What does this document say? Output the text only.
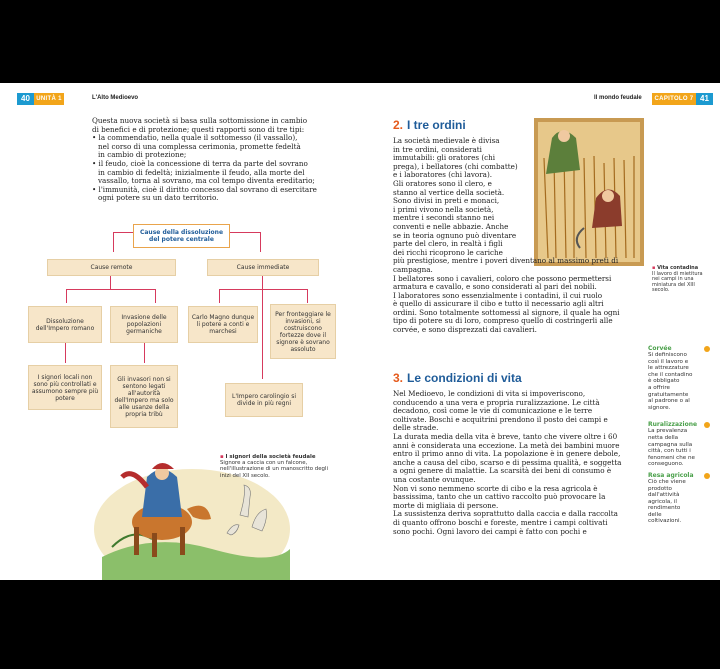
40	UNITÀ 1	L'Alto Medioevo	Il mondo feudale	CAPITOLO 7 41

Questa nuova società si basa sulla sottomissione in cambio

di benefici e di protezione; questi rapporti sono di tre tipi:

• la commendatio, nella quale il sottomesso (il vassallo),

nel corso di una complessa cerimonia, promette fedeltà

in cambio di protezione;

• il feudo, cioè la concessione di terra da parte del sovrano

in cambio di fedeltà; inizialmente il feudo, alla morte del

vassallo, torna al sovrano, ma col tempo diventa ereditario;

• l'immunità, cioè il diritto concesso dal sovrano di esercitare

ogni potere su un dato territorio.

Cause della dissoluzione del potere centrale
Cause remote	Cause immediate
Dissoluzione dell'Impero romano
Invasione delle popolazioni germaniche
Carlo Magno dunque li potere a conti e marchesi
Per fronteggiare le invasioni, si costruiscono fortezze dove il signore è sovrano assoluto
I signori locali non sono più controllati e assumono sempre più potere
Gli invasori non si sentono legati all'autorità dell'Impero ma solo alle usanze della propria tribù
L'Impero carolingio si divide in più regni
▪ I signori della società feudale
Signore a caccia con un falcone, nell'illustrazione di un manoscritto degli inizi del XII secolo.
2. I tre ordini
▪ Vita contadina
Il lavoro di mietitura nei campi in una miniatura del XIII secolo.

La società medievale è divisa

in tre ordini, considerati

immutabili: gli oratores (chi

prega), i bellatores (chi combatte)

e i laboratores (chi lavora).

Gli oratores sono il clero, e

stanno al vertice della società.

Sono divisi in preti e monaci,

i primi vivono nella società,

mentre i secondi stanno nei

conventi e nelle abbazie. Anche

se in teoria ognuno può diventare

parte del clero, in realtà i figli

dei ricchi ricoprono le cariche

più prestigiose, mentre i poveri diventano al massimo preti di

campagna.

I bellatores sono i cavalieri, coloro che possono permettersi

armatura e cavallo, e sono considerati al pari dei nobili.

I laboratores sono essenzialmente i contadini, il cui ruolo

è quello di assicurare il cibo e tutto il necessario agli altri

ordini. Sono totalmente sottomessi al signore, il quale ha ogni

tipo di potere su di loro, compreso quello di costringerli alle

corvée, e sono disprezzati dai cavalieri.

3. Le condizioni di vita

Nel Medioevo, le condizioni di vita si impoveriscono,

conducendo a una vera e propria ruralizzazione. Le città

decadono, così come le vie di comunicazione e le terre

coltivate. Boschi e acquitrini prendono il posto dei campi e

delle strade.

La durata media della vita è breve, tanto che vivere oltre i 60

anni è considerata una eccezione. La metà dei bambini muore

entro il primo anno di vita. La popolazione è in genere debole,

anche a causa del cibo, scarso e di pessima qualità, e soggetta

a ogni genere di malattie. La scarsità dei beni di consumo è

una costante ovunque.

Non vi sono nemmeno scorte di cibo e la resa agricola è

bassissima, tanto che un cattivo raccolto può provocare la

morte di migliaia di persone.

La sussistenza deriva soprattutto dalla caccia e dalla raccolta

di quanto offrono boschi e foreste, mentre i campi coltivati

sono pochi. Ogni lavoro dei campi è fatto con pochi e

Corvée
Si definiscono
così il lavoro e
le attrezzature
che il contadino
è obbligato
a offrire
gratuitamente
al padrone o al
signore.
Ruralizzazione
La prevalenza
netta della
campagna sulla
città, con tutti i
fenomeni che ne
conseguono.
Resa agricola
Ciò che viene
prodotto
dall'attività
agricola, il
rendimento
delle
coltivazioni.
